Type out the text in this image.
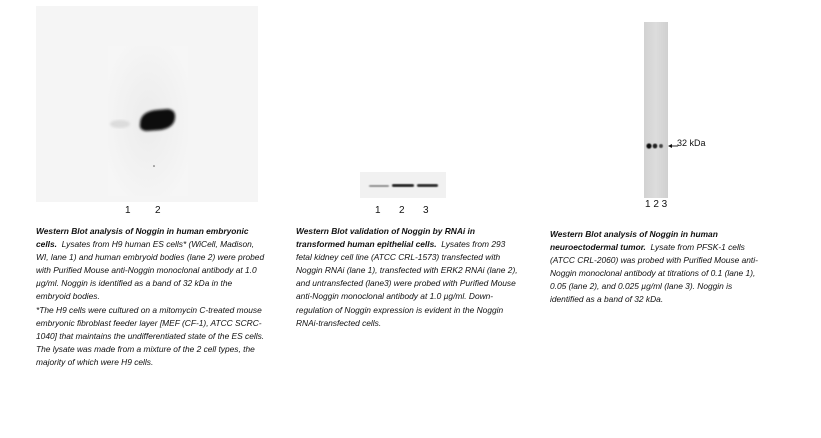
1 2

Western Blot analysis of Noggin in human embryonic cells. Lysates from H9 human ES cells* (WiCell, Madison, WI, lane 1) and human embryoid bodies (lane 2) were probed with Purified Mouse anti-Noggin monoclonal antibody at 1.0 µg/ml. Noggin is identified as a band of 32 kDa in the embryoid bodies.

*The H9 cells were cultured on a mitomycin C-treated mouse embryonic fibroblast feeder layer [MEF (CF-1), ATCC SCRC-1040] that maintains the undifferentiated state of the ES cells. The lysate was made from a mixture of the 2 cell types, the majority of which were H9 cells.

1 2 3

Western Blot validation of Noggin by RNAi in transformed human epithelial cells. Lysates from 293 fetal kidney cell line (ATCC CRL-1573) transfected with Noggin RNAi (lane 1), transfected with ERK2 RNAi (lane 2), and untransfected (lane3) were probed with Purified Mouse anti-Noggin monoclonal antibody at 1.0 µg/ml. Down-regulation of Noggin expression is evident in the Noggin RNAi-transfected cells.

32 kDa
1 2 3

Western Blot analysis of Noggin in human neuroectodermal tumor. Lysate from PFSK-1 cells (ATCC CRL-2060) was probed with Purified Mouse anti-Noggin monoclonal antibody at titrations of 0.1 (lane 1), 0.05 (lane 2), and 0.025 µg/ml (lane 3). Noggin is identified as a band of 32 kDa.
